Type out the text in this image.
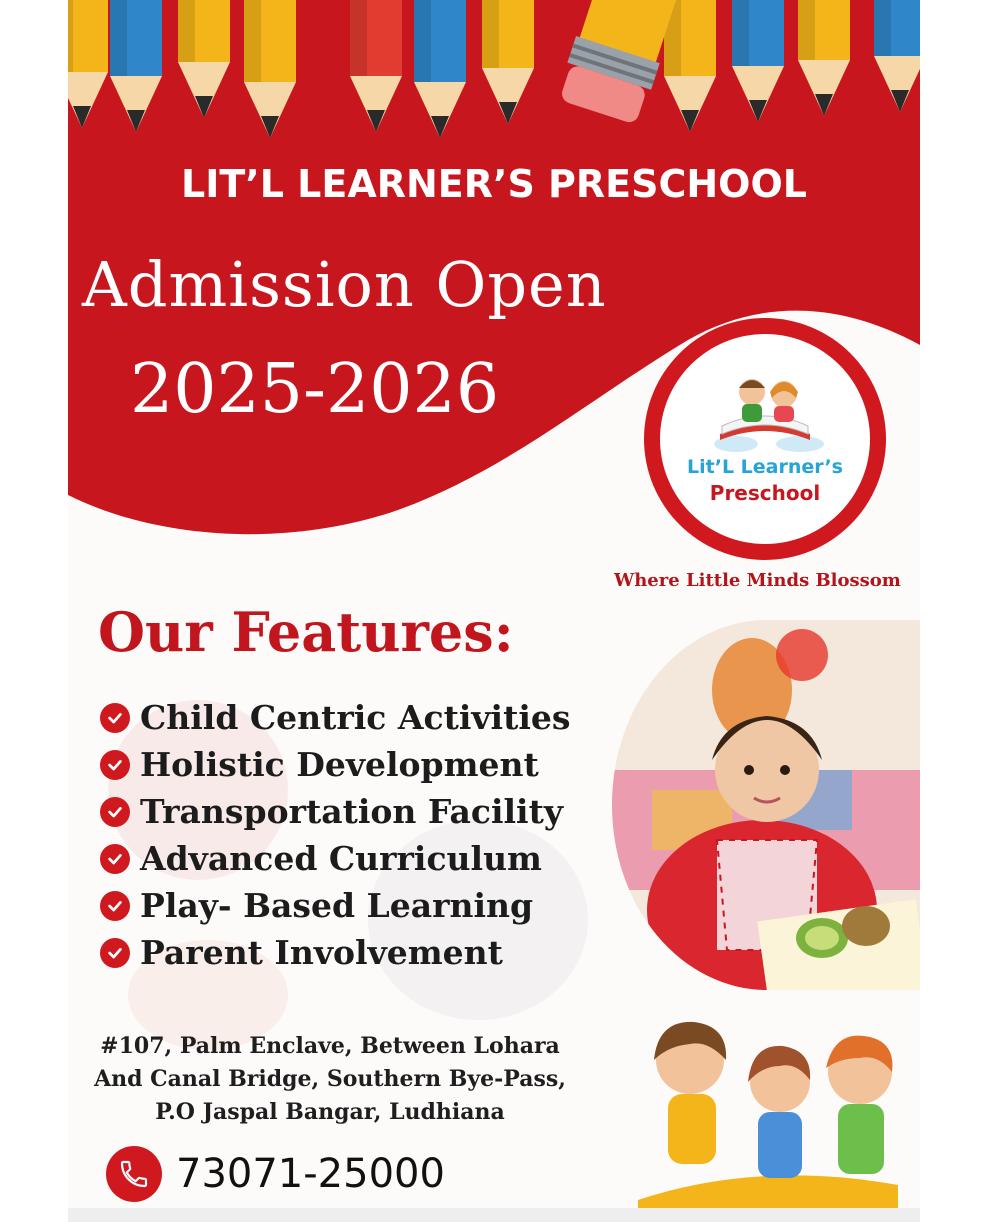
LIT’L LEARNER’S PRESCHOOL
Admission Open
2025-2026
Lit’L Learner’s
Preschool
Where Little Minds Blossom
Our Features:
Child Centric Activities
Holistic Development
Transportation Facility
Advanced Curriculum
Play- Based Learning
Parent Involvement
#107, Palm Enclave, Between Lohara
And Canal Bridge, Southern Bye-Pass,
P.O Jaspal Bangar, Ludhiana
73071-25000
